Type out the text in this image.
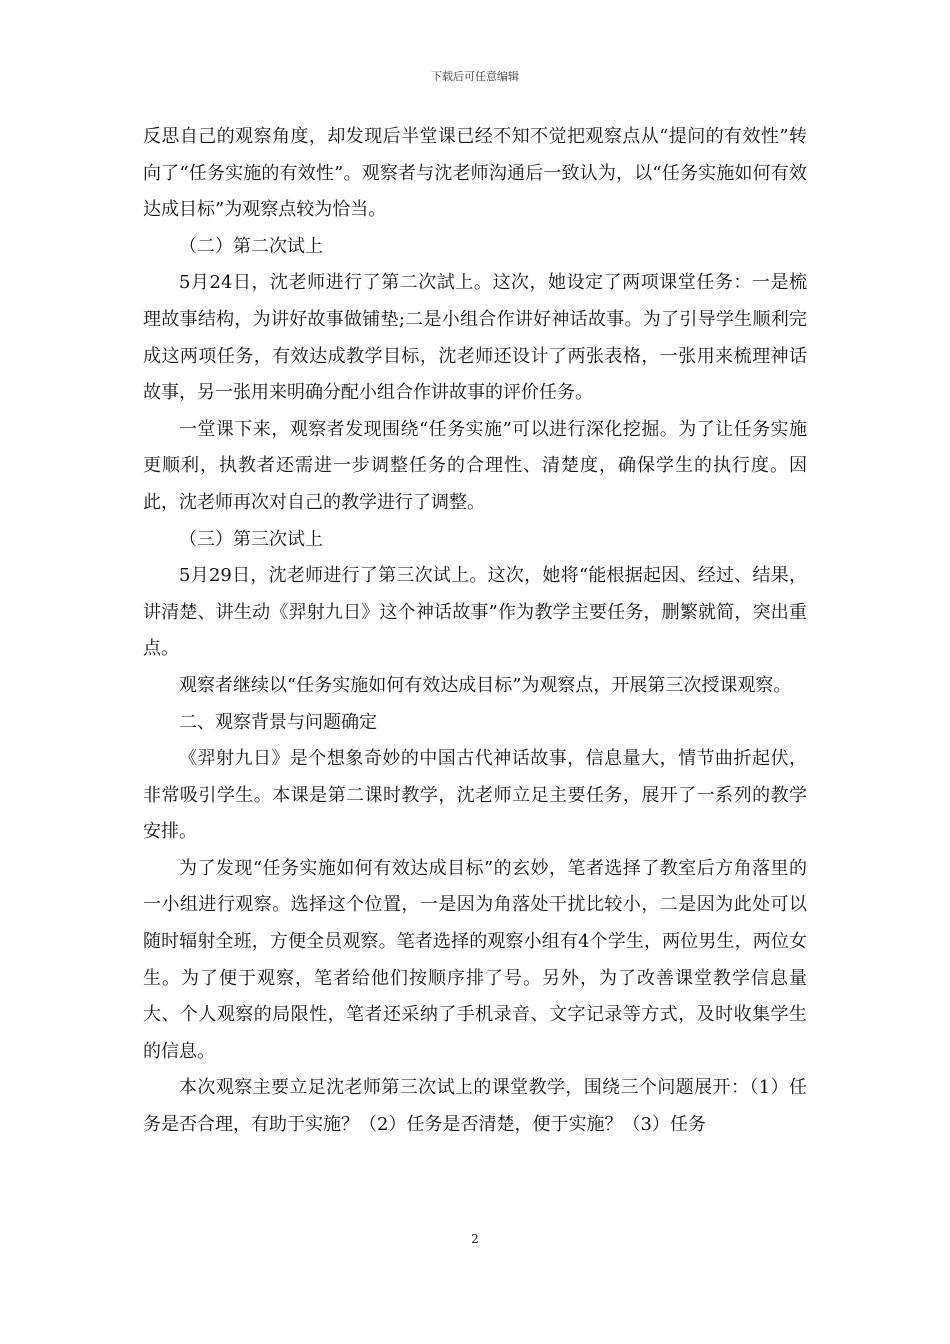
下载后可任意编辑

反思自己的观察角度，却发现后半堂课已经不知不觉把观察点从“提问的有效性”转向了“任务实施的有效性”。观察者与沈老师沟通后一致认为，以“任务实施如何有效达成目标”为观察点较为恰当。

（二）第二次试上

5月24日，沈老师进行了第二次試上。这次，她设定了两项课堂任务：一是梳理故事结构，为讲好故事做铺垫;二是小组合作讲好神话故事。为了引导学生顺利完成这两项任务，有效达成教学目标，沈老师还设计了两张表格，一张用来梳理神话故事，另一张用来明确分配小组合作讲故事的评价任务。

一堂课下来，观察者发现围绕“任务实施”可以进行深化挖掘。为了让任务实施更顺利，执教者还需进一步调整任务的合理性、清楚度，确保学生的执行度。因此，沈老师再次对自己的教学进行了调整。

（三）第三次试上

5月29日，沈老师进行了第三次试上。这次，她将“能根据起因、经过、结果，讲清楚、讲生动《羿射九日》这个神话故事”作为教学主要任务，删繁就简，突出重点。

观察者继续以“任务实施如何有效达成目标”为观察点，开展第三次授课观察。

二、观察背景与问题确定

《羿射九日》是个想象奇妙的中国古代神话故事，信息量大，情节曲折起伏，非常吸引学生。本课是第二课时教学，沈老师立足主要任务，展开了一系列的教学安排。

为了发现“任务实施如何有效达成目标”的玄妙，笔者选择了教室后方角落里的一小组进行观察。选择这个位置，一是因为角落处干扰比较小，二是因为此处可以随时辐射全班，方便全员观察。笔者选择的观察小组有4个学生，两位男生，两位女生。为了便于观察，笔者给他们按顺序排了号。另外，为了改善课堂教学信息量大、个人观察的局限性，笔者还采纳了手机录音、文字记录等方式，及时收集学生的信息。

本次观察主要立足沈老师第三次试上的课堂教学，围绕三个问题展开：（1）任务是否合理，有助于实施？（2）任务是否清楚，便于实施？（3）任务

2
